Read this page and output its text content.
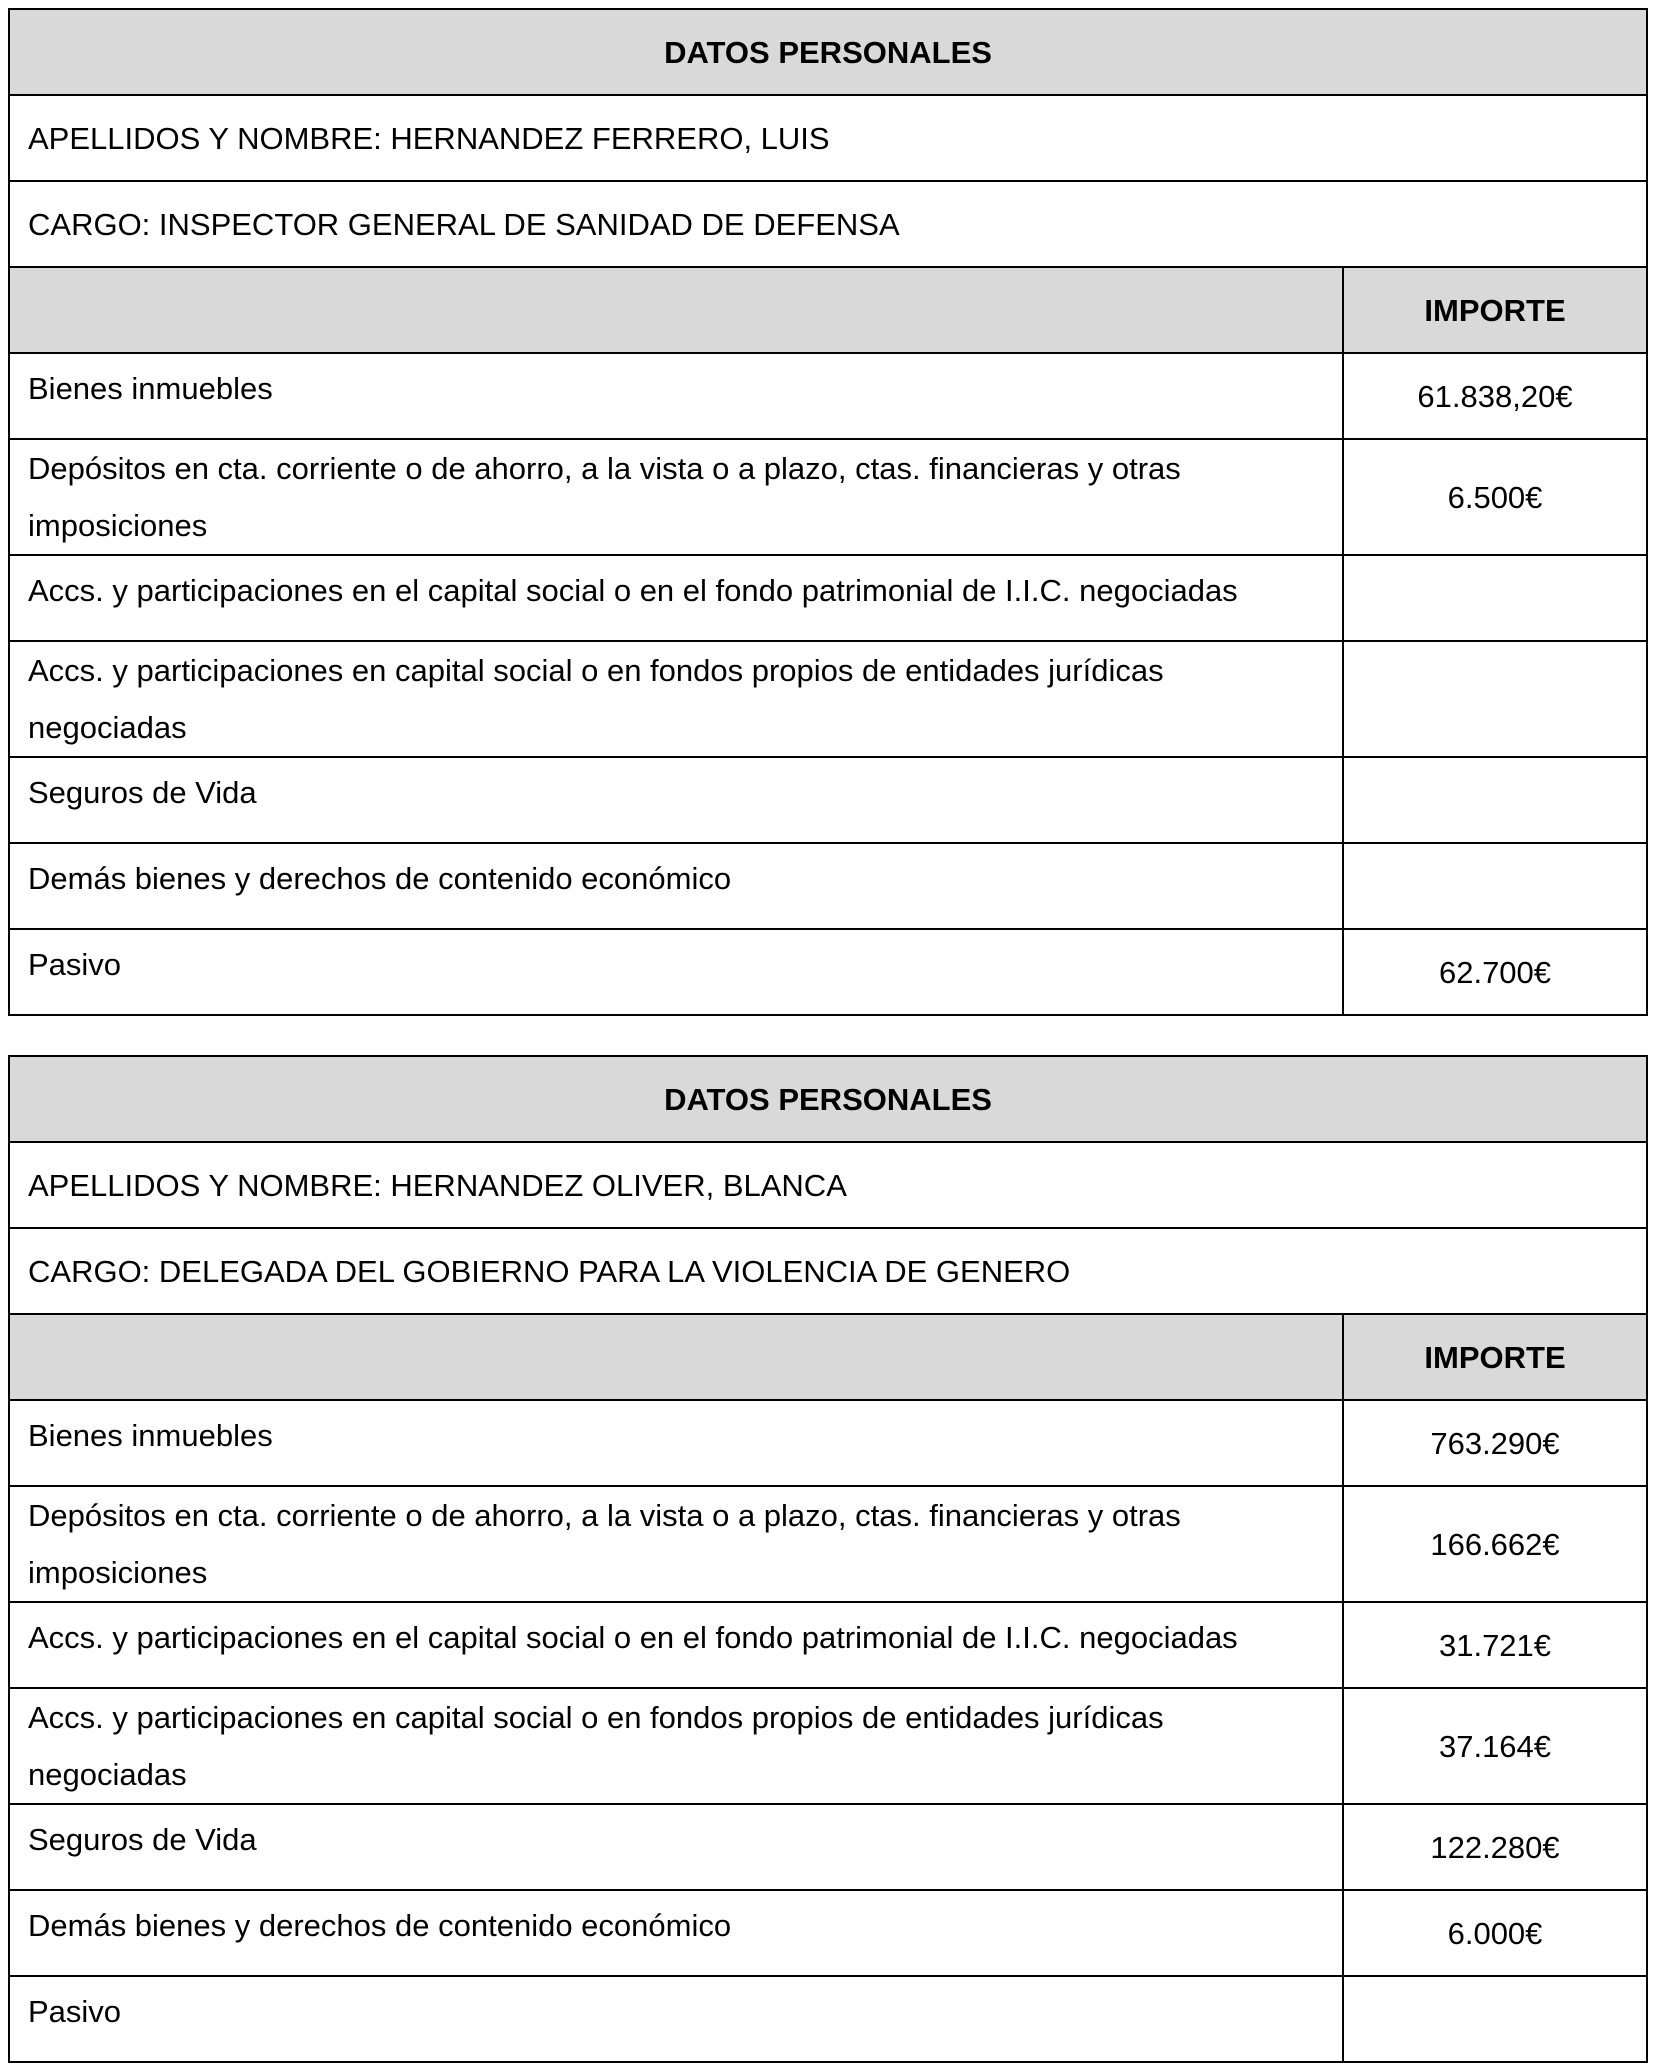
DATOS PERSONALES	
APELLIDOS Y NOMBRE: HERNANDEZ FERRERO, LUIS	
CARGO: INSPECTOR GENERAL DE SANIDAD DE DEFENSA	
	IMPORTE
Bienes inmuebles	61.838,20€
Depósitos en cta. corriente o de ahorro, a la vista o a plazo, ctas. financieras y otras imposiciones	6.500€
Accs. y participaciones en el capital social o en el fondo patrimonial de I.I.C. negociadas	
Accs. y participaciones en capital social o en fondos propios de entidades jurídicas negociadas	
Seguros de Vida	
Demás bienes y derechos de contenido económico	
Pasivo	62.700€
DATOS PERSONALES	
APELLIDOS Y NOMBRE: HERNANDEZ OLIVER, BLANCA	
CARGO: DELEGADA DEL GOBIERNO PARA LA VIOLENCIA DE GENERO	
	IMPORTE
Bienes inmuebles	763.290€
Depósitos en cta. corriente o de ahorro, a la vista o a plazo, ctas. financieras y otras imposiciones	166.662€
Accs. y participaciones en el capital social o en el fondo patrimonial de I.I.C. negociadas	31.721€
Accs. y participaciones en capital social o en fondos propios de entidades jurídicas negociadas	37.164€
Seguros de Vida	122.280€
Demás bienes y derechos de contenido económico	6.000€
Pasivo	
